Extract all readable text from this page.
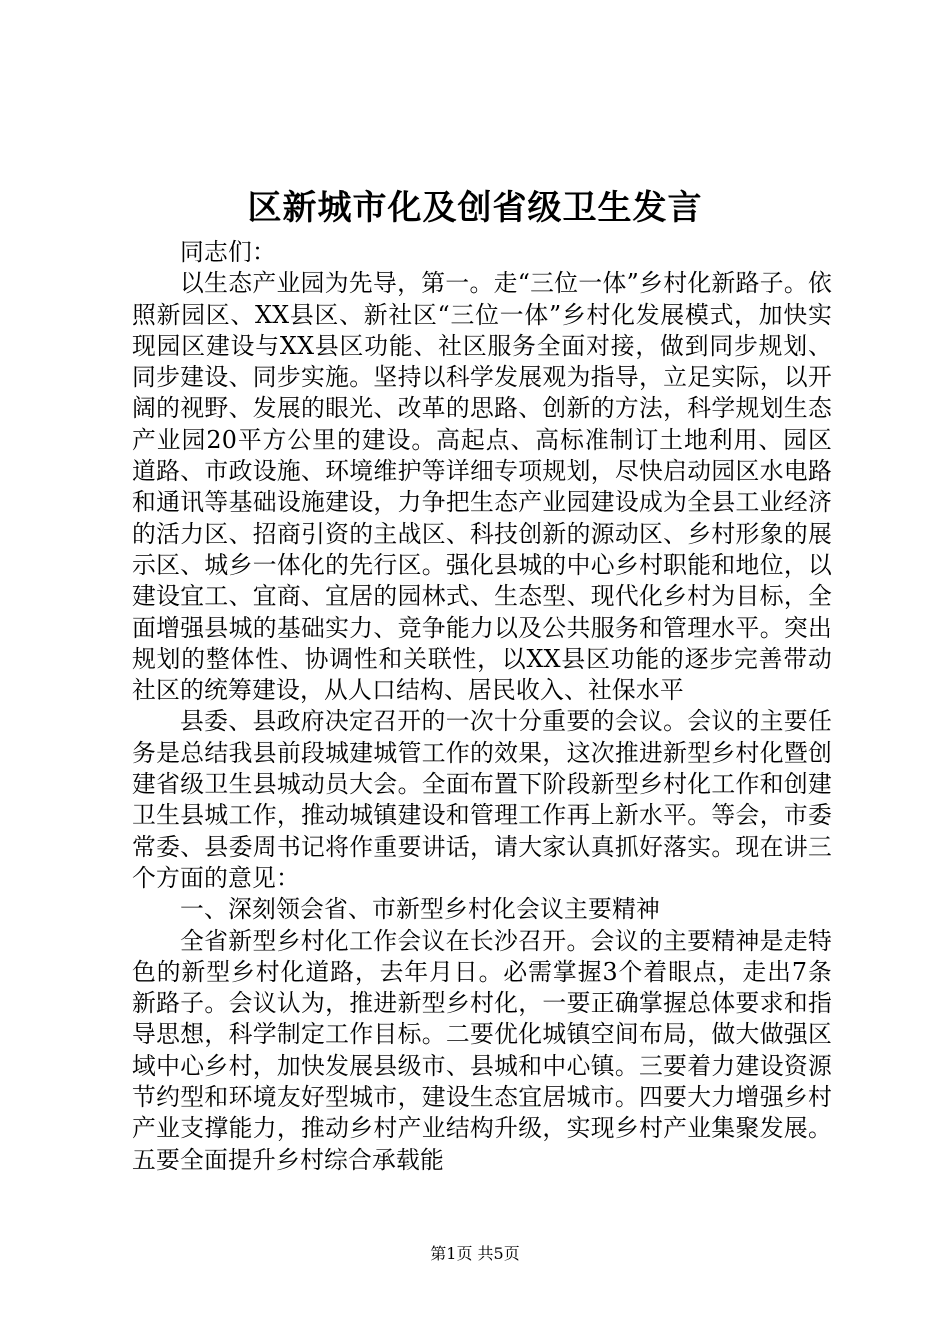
区新城市化及创省级卫生发言

同志们：

以生态产业园为先导，第一。走“三位一体”乡村化新路子。依照新园区、XX县区、新社区“三位一体”乡村化发展模式，加快实现园区建设与XX县区功能、社区服务全面对接，做到同步规划、同步建设、同步实施。坚持以科学发展观为指导，立足实际，以开阔的视野、发展的眼光、改革的思路、创新的方法，科学规划生态产业园20平方公里的建设。高起点、高标准制订土地利用、园区道路、市政设施、环境维护等详细专项规划，尽快启动园区水电路和通讯等基础设施建设，力争把生态产业园建设成为全县工业经济的活力区、招商引资的主战区、科技创新的源动区、乡村形象的展示区、城乡一体化的先行区。强化县城的中心乡村职能和地位，以建设宜工、宜商、宜居的园林式、生态型、现代化乡村为目标，全面增强县城的基础实力、竞争能力以及公共服务和管理水平。突出规划的整体性、协调性和关联性，以XX县区功能的逐步完善带动社区的统筹建设，从人口结构、居民收入、社保水平

县委、县政府决定召开的一次十分重要的会议。会议的主要任务是总结我县前段城建城管工作的效果，这次推进新型乡村化暨创建省级卫生县城动员大会。全面布置下阶段新型乡村化工作和创建卫生县城工作，推动城镇建设和管理工作再上新水平。等会，市委常委、县委周书记将作重要讲话，请大家认真抓好落实。现在讲三个方面的意见：

一、深刻领会省、市新型乡村化会议主要精神

全省新型乡村化工作会议在长沙召开。会议的主要精神是走特色的新型乡村化道路，去年月日。必需掌握3个着眼点，走出7条新路子。会议认为，推进新型乡村化，一要正确掌握总体要求和指导思想，科学制定工作目标。二要优化城镇空间布局，做大做强区域中心乡村，加快发展县级市、县城和中心镇。三要着力建设资源节约型和环境友好型城市，建设生态宜居城市。四要大力增强乡村产业支撑能力，推动乡村产业结构升级，实现乡村产业集聚发展。五要全面提升乡村综合承载能

第1页 共5页
